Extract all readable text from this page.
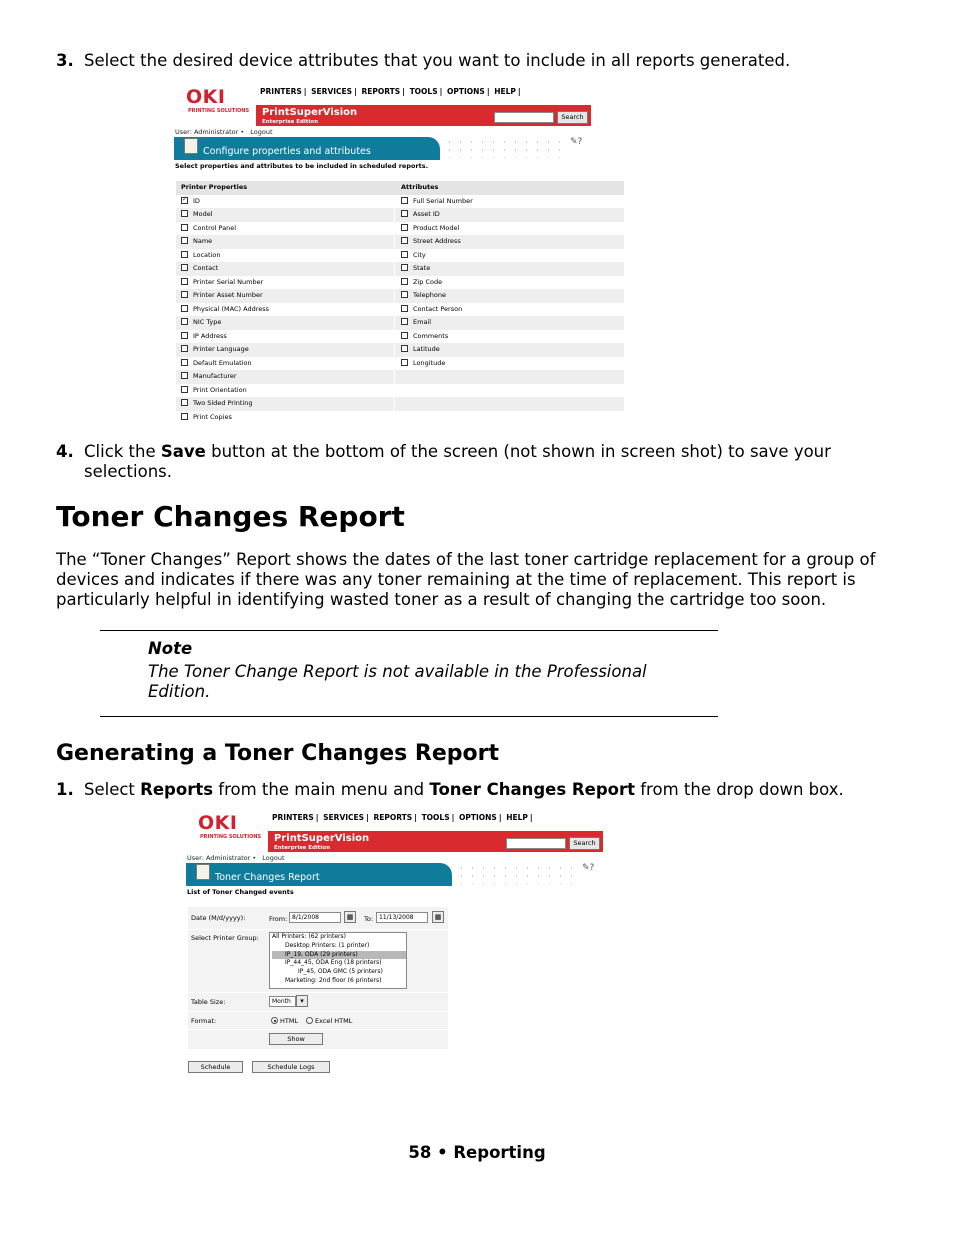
3. Select the desired device attributes that you want to include in all reports generated.
OKI
PRINTING SOLUTIONS
PRINTERS | SERVICES | REPORTS | TOOLS | OPTIONS | HELP |
PrintSuperVision
Enterprise Edition
Search
User: Administrator • Logout
Configure properties and attributes
✎?
Select properties and attributes to be included in scheduled reports.
Printer Properties	Attributes
✓ID	Full Serial Number
Model	Asset ID
Control Panel	Product Model
Name	Street Address
Location	City
Contact	State
Printer Serial Number	Zip Code
Printer Asset Number	Telephone
Physical (MAC) Address	Contact Person
NIC Type	Email
IP Address	Comments
Printer Language	Latitude
Default Emulation	Longitude
Manufacturer
Print Orientation
Two Sided Printing
Print Copies
4. Click the Save button at the bottom of the screen (not shown in screen shot) to save your selections.
Toner Changes Report
The “Toner Changes” Report shows the dates of the last toner cartridge replacement for a group of devices and indicates if there was any toner remaining at the time of replacement. This report is particularly helpful in identifying wasted toner as a result of changing the cartridge too soon.
Note
The Toner Change Report is not available in the Professional Edition.
Generating a Toner Changes Report
1. Select Reports from the main menu and Toner Changes Report from the drop down box.
OKI
PRINTING SOLUTIONS
PRINTERS | SERVICES | REPORTS | TOOLS | OPTIONS | HELP |
PrintSuperVision
Enterprise Edition
Search
User: Administrator • Logout
Toner Changes Report
✎?
List of Toner Changed events
Date (M/d/yyyy):	From: 8/1/2008	▦	To: 11/13/2008	▦
Select Printer Group: All Printers: (62 printers)
Desktop Printers: (1 printer)
IP_19, ODA (29 printers)
IP_44_45, ODA Eng (18 printers)
IP_45, ODA GMC (5 printers)
Marketing: 2nd floor (6 printers)
Table Size:	Month	▾
Format:	HTML	Excel HTML
Show
Schedule	Schedule Logs
58 • Reporting
